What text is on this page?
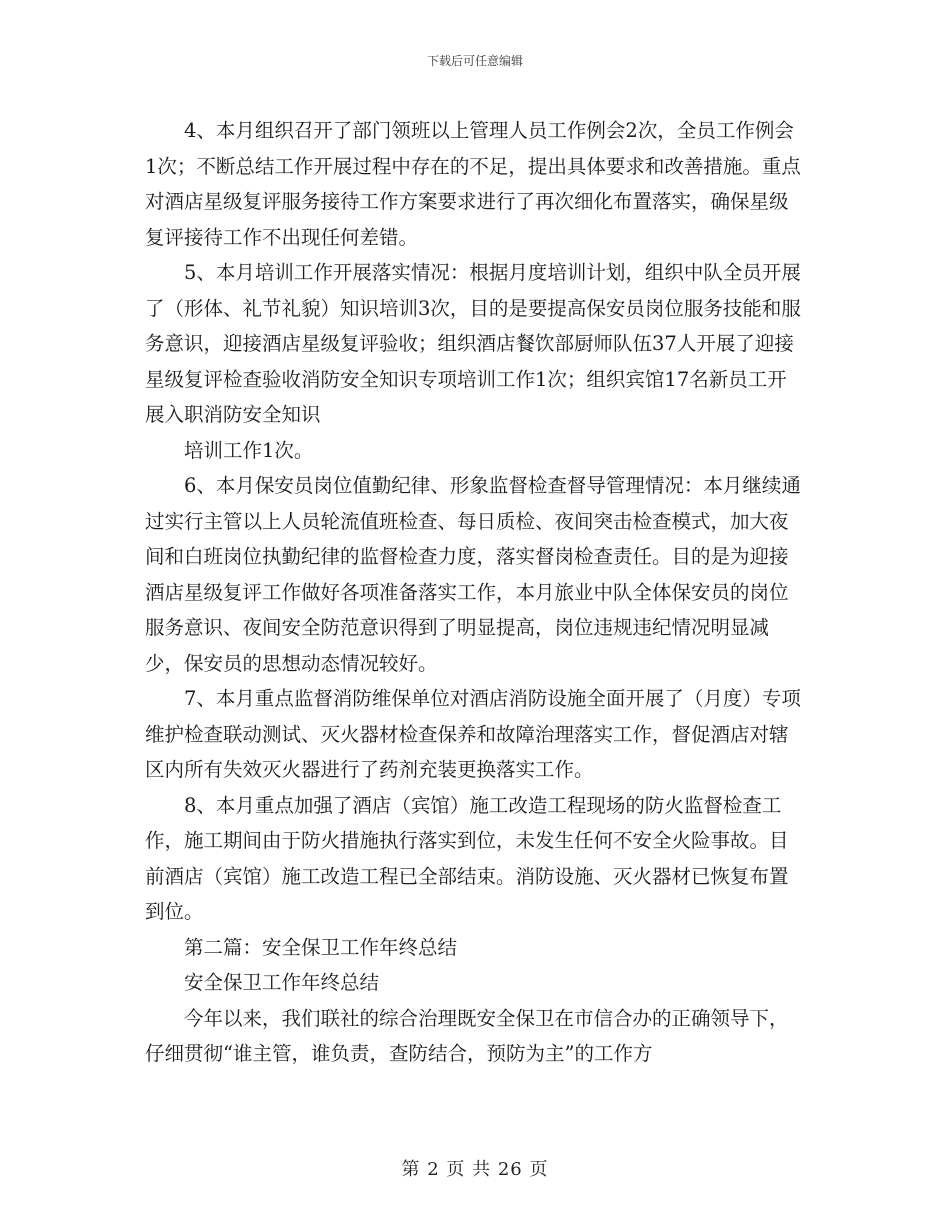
下载后可任意编辑

4、本月组织召开了部门领班以上管理人员工作例会2次，全员工作例会1次；不断总结工作开展过程中存在的不足，提出具体要求和改善措施。重点对酒店星级复评服务接待工作方案要求进行了再次细化布置落实，确保星级复评接待工作不出现任何差错。

5、本月培训工作开展落实情况：根据月度培训计划，组织中队全员开展了（形体、礼节礼貌）知识培训3次，目的是要提高保安员岗位服务技能和服务意识，迎接酒店星级复评验收；组织酒店餐饮部厨师队伍37人开展了迎接星级复评检查验收消防安全知识专项培训工作1次；组织宾馆17名新员工开展入职消防安全知识

培训工作1次。

6、本月保安员岗位值勤纪律、形象监督检查督导管理情况：本月继续通过实行主管以上人员轮流值班检查、每日质检、夜间突击检查模式，加大夜间和白班岗位执勤纪律的监督检查力度，落实督岗检查责任。目的是为迎接酒店星级复评工作做好各项准备落实工作，本月旅业中队全体保安员的岗位服务意识、夜间安全防范意识得到了明显提高，岗位违规违纪情况明显减少，保安员的思想动态情况较好。

7、本月重点监督消防维保单位对酒店消防设施全面开展了（月度）专项维护检查联动测试、灭火器材检查保养和故障治理落实工作，督促酒店对辖区内所有失效灭火器进行了药剂充装更换落实工作。

8、本月重点加强了酒店（宾馆）施工改造工程现场的防火监督检查工作，施工期间由于防火措施执行落实到位，未发生任何不安全火险事故。目前酒店（宾馆）施工改造工程已全部结束。消防设施、灭火器材已恢复布置到位。

第二篇：安全保卫工作年终总结

安全保卫工作年终总结

今年以来，我们联社的综合治理既安全保卫在市信合办的正确领导下，仔细贯彻“谁主管，谁负责，查防结合，预防为主”的工作方

第 2 页 共 26 页
